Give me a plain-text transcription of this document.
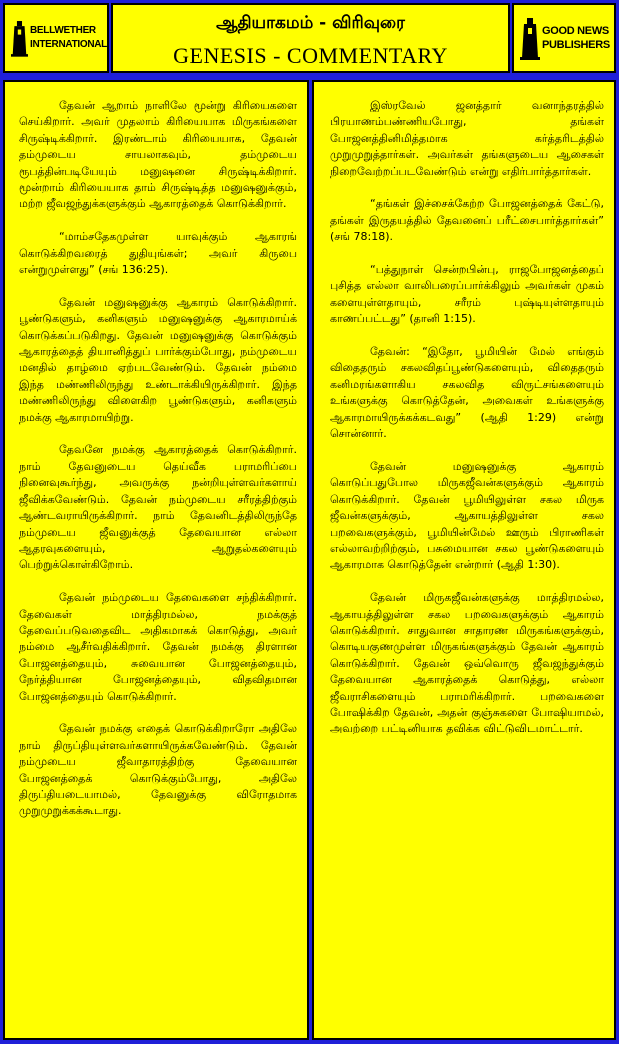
BELLWETHER
INTERNATIONAL
ஆதியாகமம் - விரிவுரை
GENESIS - COMMENTARY
GOOD NEWS
PUBLISHERS

தேவன் ஆறாம் நாளிலே மூன்று கிரியைகளை செய்கிறார். அவர் முதலாம் கிரியையாக மிருகங்களை சிருஷ்டிக்கிறார். இரண்டாம் கிரியையாக, தேவன் தம்முடைய சாயலாகவும், தம்முடைய ரூபத்தின்படியேயும் மனுஷனை சிருஷ்டிக்கிறார். மூன்றாம் கிரியையாக தாம் சிருஷ்டித்த மனுஷனுக்கும், மற்ற ஜீவஜந்துக்களுக்கும் ஆகாரத்தைக் கொடுக்கிறார்.

“மாம்சதேகமுள்ள யாவுக்கும் ஆகாரங் கொடுக்கிறவரைத் துதியுங்கள்; அவர் கிருபை என்றுமுள்ளது” (சங் 136:25).

தேவன் மனுஷனுக்கு ஆகாரம் கொடுக்கிறார். பூண்டுகளும், கனிகளும் மனுஷனுக்கு ஆகாரமாய்க் கொடுக்கப்படுகிறது. தேவன் மனுஷனுக்கு கொடுக்கும் ஆகாரத்தைத் தியானித்துப் பார்க்கும்போது, நம்முடைய மனதில் தாழ்மை ஏற்படவேண்டும். தேவன் நம்மை இந்த மண்ணிலிருந்து உண்டாக்கியிருக்கிறார். இந்த மண்ணிலிருந்து விளைகிற பூண்டுகளும், கனிகளும் நமக்கு ஆகாரமாயிற்று.

தேவனே நமக்கு ஆகாரத்தைக் கொடுக்கிறார். நாம் தேவனுடைய தெய்வீக பராமரிப்பை நினைவுகூர்ந்து, அவருக்கு நன்றியுள்ளவர்களாய் ஜீவிக்கவேண்டும். தேவன் நம்முடைய சரீரத்திற்கும் ஆண்டவராயிருக்கிறார். நாம் தேவனிடத்திலிருந்தே நம்முடைய ஜீவனுக்குத் தேவையான எல்லா ஆதரவுகளையும், ஆறுதல்களையும் பெற்றுக்கொள்கிறோம்.

தேவன் நம்முடைய தேவைகளை சந்திக்கிறார். தேவைகள் மாத்திரமல்ல, நமக்குத் தேவைப்படுவதைவிட அதிகமாகக் கொடுத்து, அவர் நம்மை ஆசீர்வதிக்கிறார். தேவன் நமக்கு திரளான போஜனத்தையும், சுவையான போஜனத்தையும், நேர்த்தியான போஜனத்தையும், விதவிதமான போஜனத்தையும் கொடுக்கிறார்.

தேவன் நமக்கு எதைக் கொடுக்கிறாரோ அதிலே நாம் திருப்தியுள்ளவர்களாயிருக்கவேண்டும். தேவன் நம்முடைய ஜீவாதாரத்திற்கு தேவையான போஜனத்தைக் கொடுக்கும்போது, அதிலே திருப்தியடையாமல், தேவனுக்கு விரோதமாக முறுமுறுக்கக்கூடாது.

இஸ்ரவேல் ஜனத்தார் வனாந்தரத்தில் பிரயாணம்பண்ணியபோது, தங்கள் போஜனத்தினிமித்தமாக கர்த்தரிடத்தில் முறுமுறுத்தார்கள். அவர்கள் தங்களுடைய ஆசைகள் நிறைவேற்றப்படவேண்டும் என்று எதிர்பார்த்தார்கள்.

“தங்கள் இச்சைக்கேற்ற போஜனத்தைக் கேட்டு, தங்கள் இருதயத்தில் தேவனைப் பரீட்சைபார்த்தார்கள்” (சங் 78:18).

“பத்துநாள் சென்றபின்பு, ராஜபோஜனத்தைப் புசித்த எல்லா வாலிபரைப்பார்க்கிலும் அவர்கள் முகம் களையுள்ளதாயும், சரீரம் புஷ்டியுள்ளதாயும் காணப்பட்டது” (தானி 1:15).

தேவன்: “இதோ, பூமியின் மேல் எங்கும் விதைதரும் சகலவிதப்பூண்டுகளையும், விதைதரும் கனிமரங்களாகிய சகலவித விருட்சங்களையும் உங்களுக்கு கொடுத்தேன், அவைகள் உங்களுக்கு ஆகாரமாயிருக்கக்கடவது” (ஆதி 1:29) என்று சொன்னார்.

தேவன் மனுஷனுக்கு ஆகாரம் கொடுப்பதுபோல மிருகஜீவன்களுக்கும் ஆகாரம் கொடுக்கிறார். தேவன் பூமியிலுள்ள சகல மிருக ஜீவன்களுக்கும், ஆகாயத்திலுள்ள சகல பறவைகளுக்கும், பூமியின்மேல் ஊரும் பிராணிகள் எல்லாவற்றிற்கும், பசுமையான சகல பூண்டுகளையும் ஆகாரமாக கொடுத்தேன் என்றார் (ஆதி 1:30).

தேவன் மிருகஜீவன்களுக்கு மாத்திரமல்ல, ஆகாயத்திலுள்ள சகல பறவைகளுக்கும் ஆகாரம் கொடுக்கிறார். சாதுவான சாதாரண மிருகங்களுக்கும், கொடியகுணமுள்ள மிருகங்களுக்கும் தேவன் ஆகாரம் கொடுக்கிறார். தேவன் ஒவ்வொரு ஜீவஜந்துக்கும் தேவையான ஆகாரத்தைக் கொடுத்து, எல்லா ஜீவராசிகளையும் பராமரிக்கிறார். பறவைகளை போஷிக்கிற தேவன், அதன் குஞ்சுகளை போஷியாமல், அவற்றை பட்டினியாக தவிக்க விட்டுவிடமாட்டார்.
